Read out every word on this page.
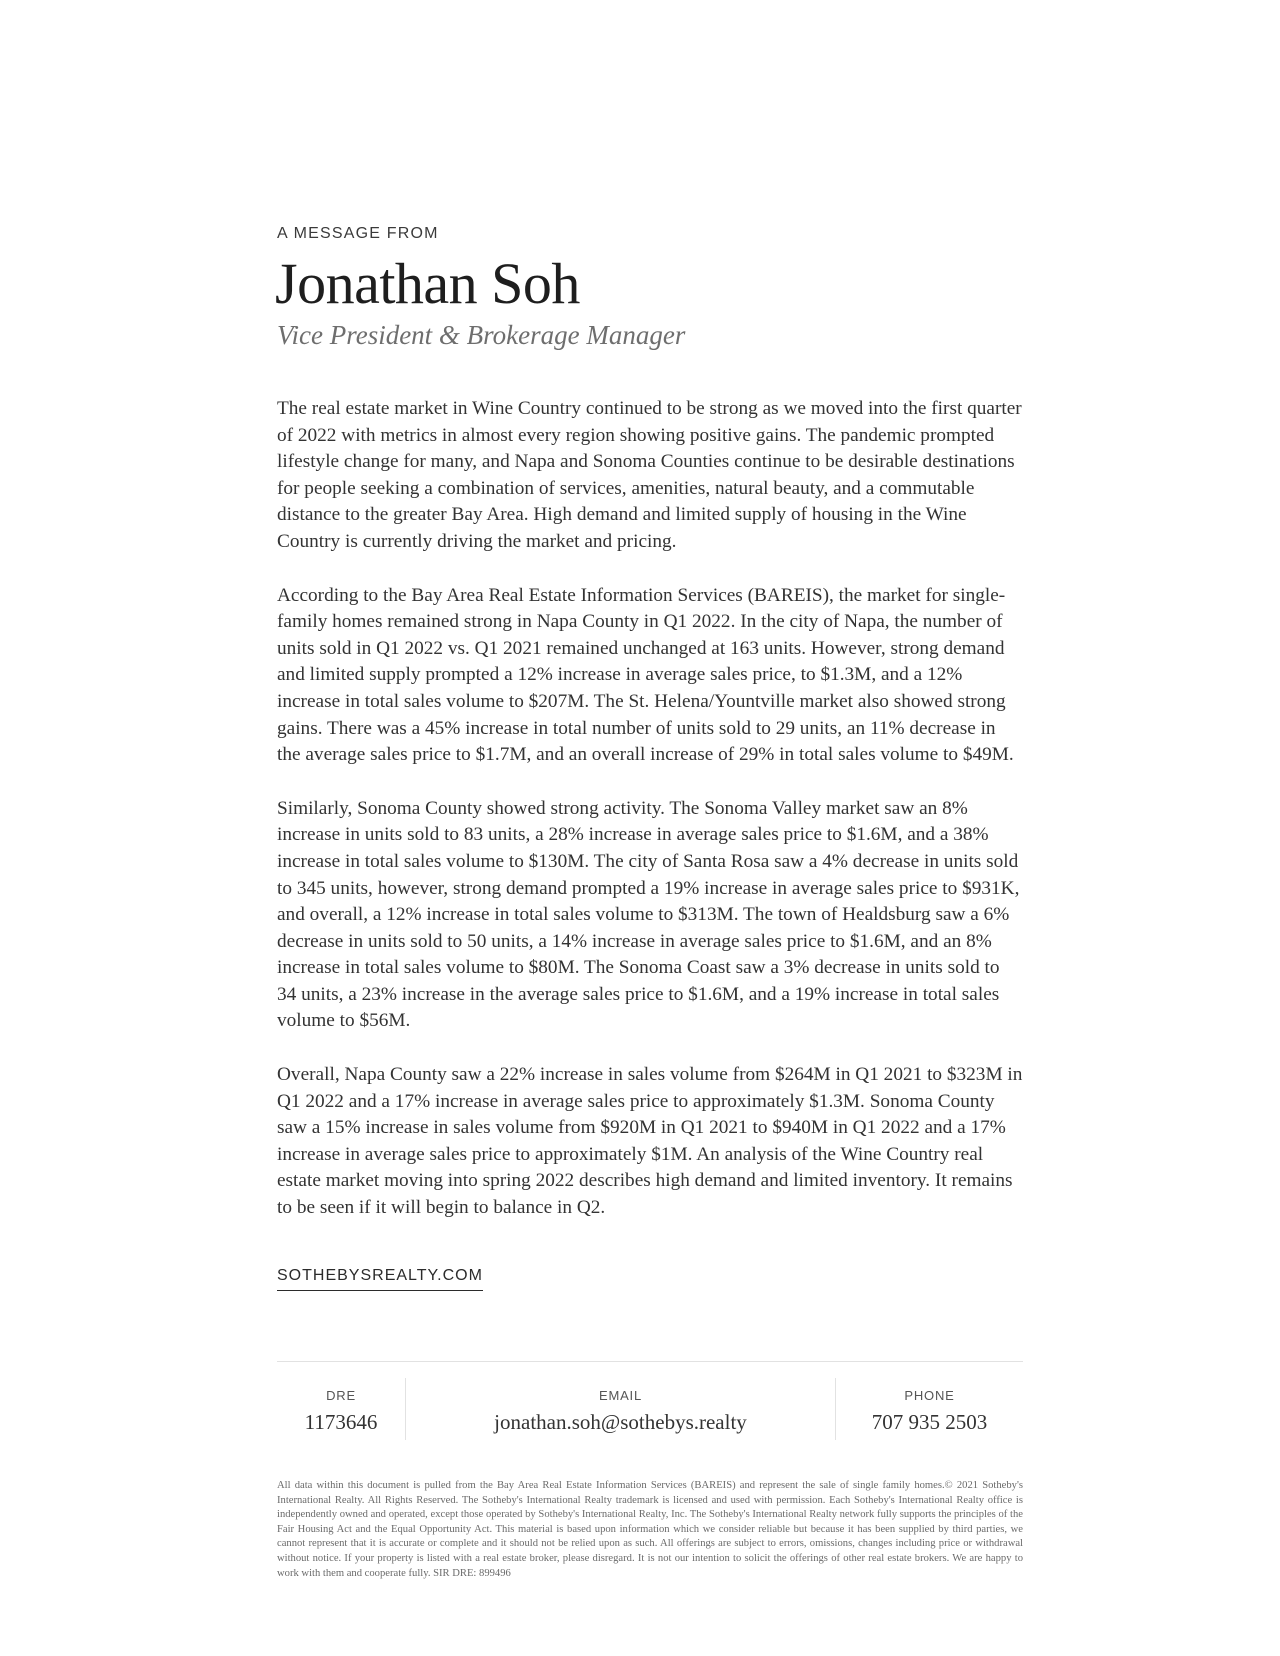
A MESSAGE FROM

Jonathan Soh

Vice President & Brokerage Manager

The real estate market in Wine Country continued to be strong as we moved into the first quarter of 2022 with metrics in almost every region showing positive gains. The pandemic prompted lifestyle change for many, and Napa and Sonoma Counties continue to be desirable destinations for people seeking a combination of services, amenities, natural beauty, and a commutable distance to the greater Bay Area. High demand and limited supply of housing in the Wine Country is currently driving the market and pricing.

According to the Bay Area Real Estate Information Services (BAREIS), the market for single-family homes remained strong in Napa County in Q1 2022. In the city of Napa, the number of units sold in Q1 2022 vs. Q1 2021 remained unchanged at 163 units. However, strong demand and limited supply prompted a 12% increase in average sales price, to $1.3M, and a 12% increase in total sales volume to $207M. The St. Helena/Yountville market also showed strong gains. There was a 45% increase in total number of units sold to 29 units, an 11% decrease in the average sales price to $1.7M, and an overall increase of 29% in total sales volume to $49M.

Similarly, Sonoma County showed strong activity. The Sonoma Valley market saw an 8% increase in units sold to 83 units, a 28% increase in average sales price to $1.6M, and a 38% increase in total sales volume to $130M. The city of Santa Rosa saw a 4% decrease in units sold to 345 units, however, strong demand prompted a 19% increase in average sales price to $931K, and overall, a 12% increase in total sales volume to $313M. The town of Healdsburg saw a 6% decrease in units sold to 50 units, a 14% increase in average sales price to $1.6M, and an 8% increase in total sales volume to $80M. The Sonoma Coast saw a 3% decrease in units sold to 34 units, a 23% increase in the average sales price to $1.6M, and a 19% increase in total sales volume to $56M.

Overall, Napa County saw a 22% increase in sales volume from $264M in Q1 2021 to $323M in Q1 2022 and a 17% increase in average sales price to approximately $1.3M. Sonoma County saw a 15% increase in sales volume from $920M in Q1 2021 to $940M in Q1 2022 and a 17% increase in average sales price to approximately $1M. An analysis of the Wine Country real estate market moving into spring 2022 describes high demand and limited inventory. It remains to be seen if it will begin to balance in Q2.

SOTHEBYSREALTY.COM
DRE
1173646
EMAIL
jonathan.soh@sothebys.realty
PHONE
707 935 2503

All data within this document is pulled from the Bay Area Real Estate Information Services (BAREIS) and represent the sale of single family homes.© 2021 Sotheby's International Realty. All Rights Reserved. The Sotheby's International Realty trademark is licensed and used with permission. Each Sotheby's International Realty office is independently owned and operated, except those operated by Sotheby's International Realty, Inc. The Sotheby's International Realty network fully supports the principles of the Fair Housing Act and the Equal Opportunity Act. This material is based upon information which we consider reliable but because it has been supplied by third parties, we cannot represent that it is accurate or complete and it should not be relied upon as such. All offerings are subject to errors, omissions, changes including price or withdrawal without notice. If your property is listed with a real estate broker, please disregard. It is not our intention to solicit the offerings of other real estate brokers. We are happy to work with them and cooperate fully. SIR DRE: 899496
